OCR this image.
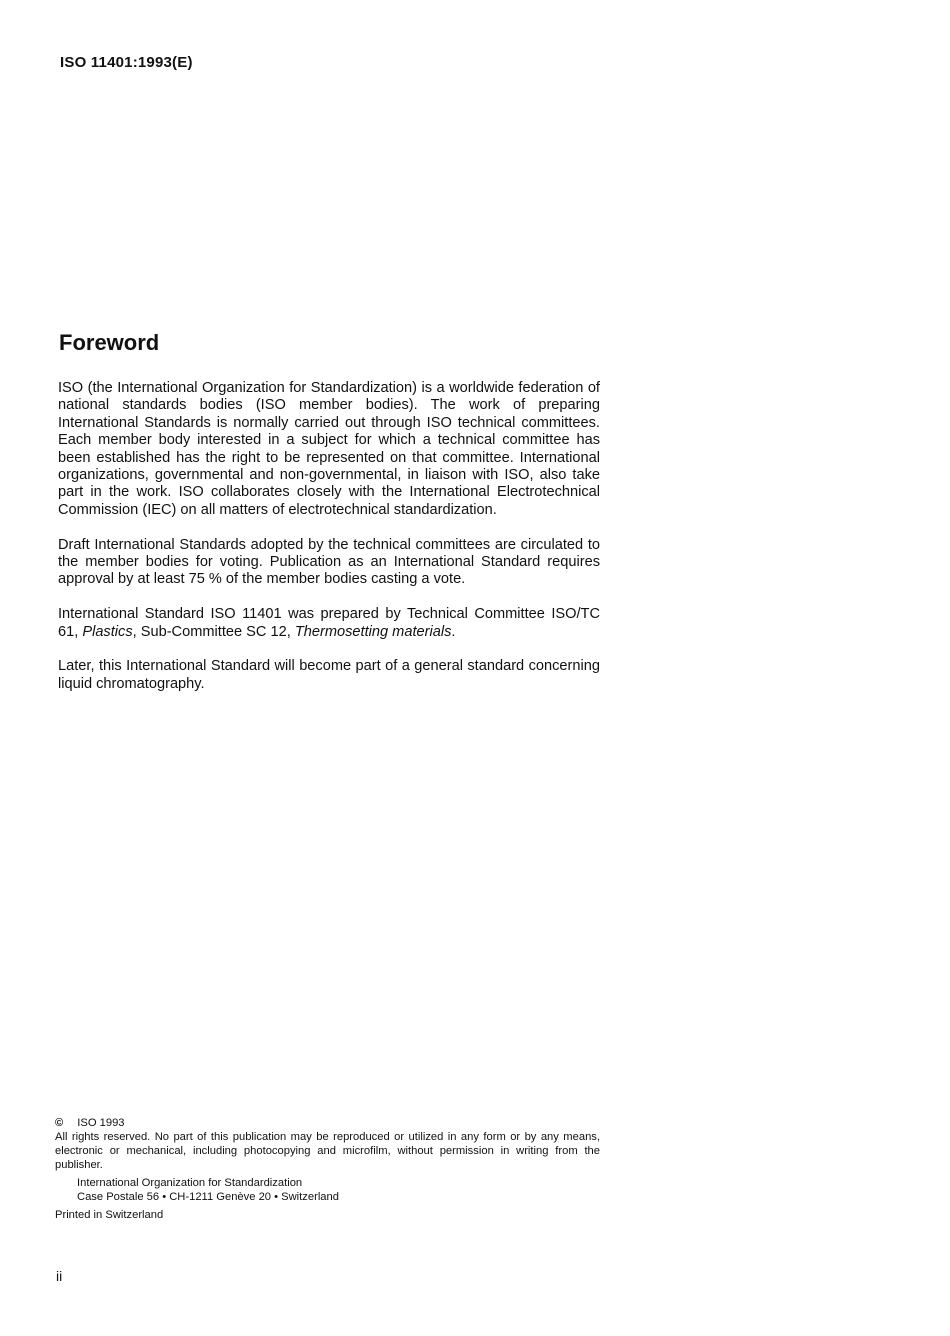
ISO 11401:1993(E)
Foreword

ISO (the International Organization for Standardization) is a worldwide federation of national standards bodies (ISO member bodies). The work of preparing International Standards is normally carried out through ISO technical committees. Each member body interested in a subject for which a technical committee has been established has the right to be represented on that committee. International organizations, governmental and non-governmental, in liaison with ISO, also take part in the work. ISO collaborates closely with the International Electrotechnical Commission (IEC) on all matters of electrotechnical standardization.

Draft International Standards adopted by the technical committees are circulated to the member bodies for voting. Publication as an International Standard requires approval by at least 75 % of the member bodies casting a vote.

International Standard ISO 11401 was prepared by Technical Committee ISO/TC 61, Plastics, Sub-Committee SC 12, Thermosetting materials.

Later, this International Standard will become part of a general standard concerning liquid chromatography.

© ISO 1993

All rights reserved. No part of this publication may be reproduced or utilized in any form or by any means, electronic or mechanical, including photocopying and microfilm, without permission in writing from the publisher.

International Organization for Standardization
Case Postale 56 • CH-1211 Genève 20 • Switzerland
Printed in Switzerland
ii
